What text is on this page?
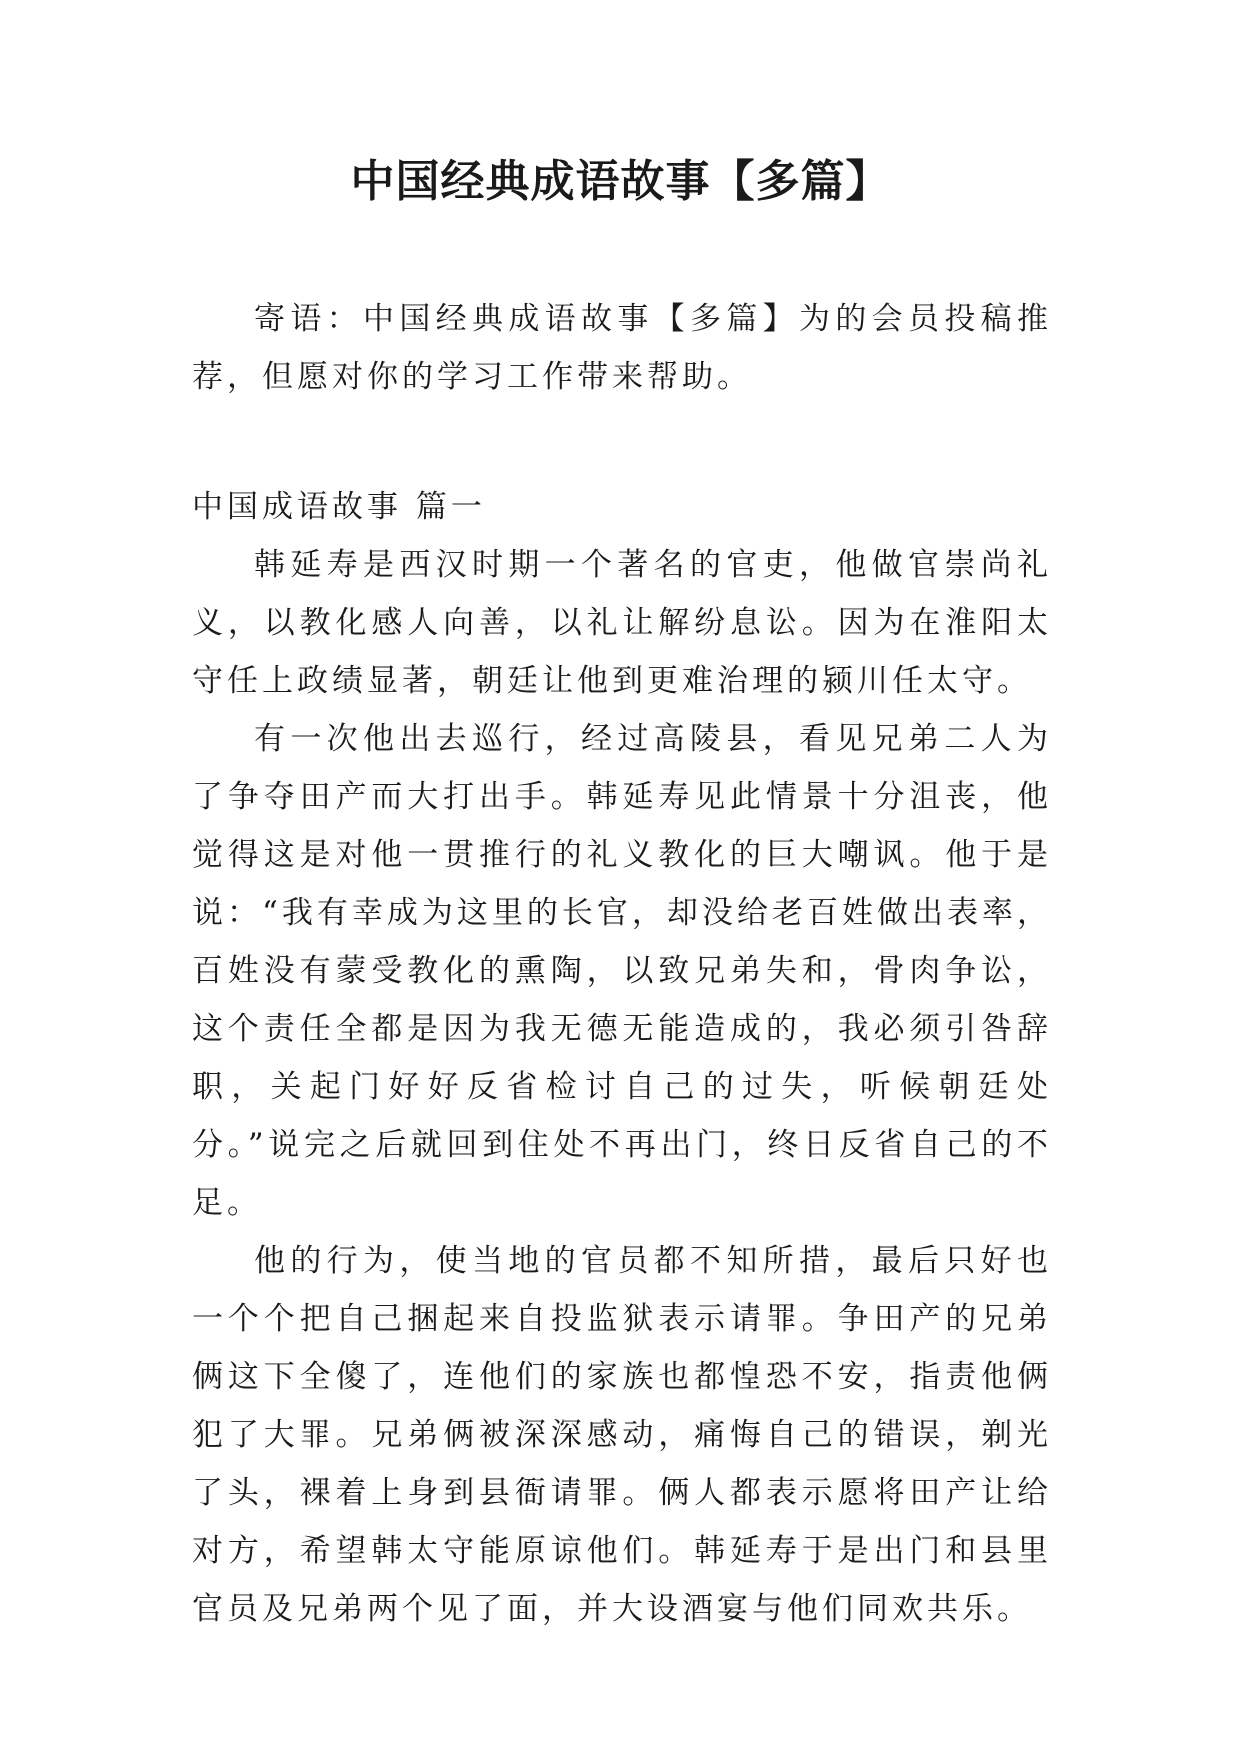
中国经典成语故事【多篇】

寄语：中国经典成语故事【多篇】为的会员投稿推荐，但愿对你的学习工作带来帮助。

中国成语故事 篇一

韩延寿是西汉时期一个著名的官吏，他做官崇尚礼义，以教化感人向善，以礼让解纷息讼。因为在淮阳太守任上政绩显著，朝廷让他到更难治理的颍川任太守。

有一次他出去巡行，经过高陵县，看见兄弟二人为了争夺田产而大打出手。韩延寿见此情景十分沮丧，他觉得这是对他一贯推行的礼义教化的巨大嘲讽。他于是说：“我有幸成为这里的长官，却没给老百姓做出表率，百姓没有蒙受教化的熏陶，以致兄弟失和，骨肉争讼，这个责任全都是因为我无德无能造成的，我必须引咎辞职，关起门好好反省检讨自己的过失，听候朝廷处分。”说完之后就回到住处不再出门，终日反省自己的不足。

他的行为，使当地的官员都不知所措，最后只好也一个个把自己捆起来自投监狱表示请罪。争田产的兄弟俩这下全傻了，连他们的家族也都惶恐不安，指责他俩犯了大罪。兄弟俩被深深感动，痛悔自己的错误，剃光了头，裸着上身到县衙请罪。俩人都表示愿将田产让给对方，希望韩太守能原谅他们。韩延寿于是出门和县里官员及兄弟两个见了面，并大设酒宴与他们同欢共乐。
